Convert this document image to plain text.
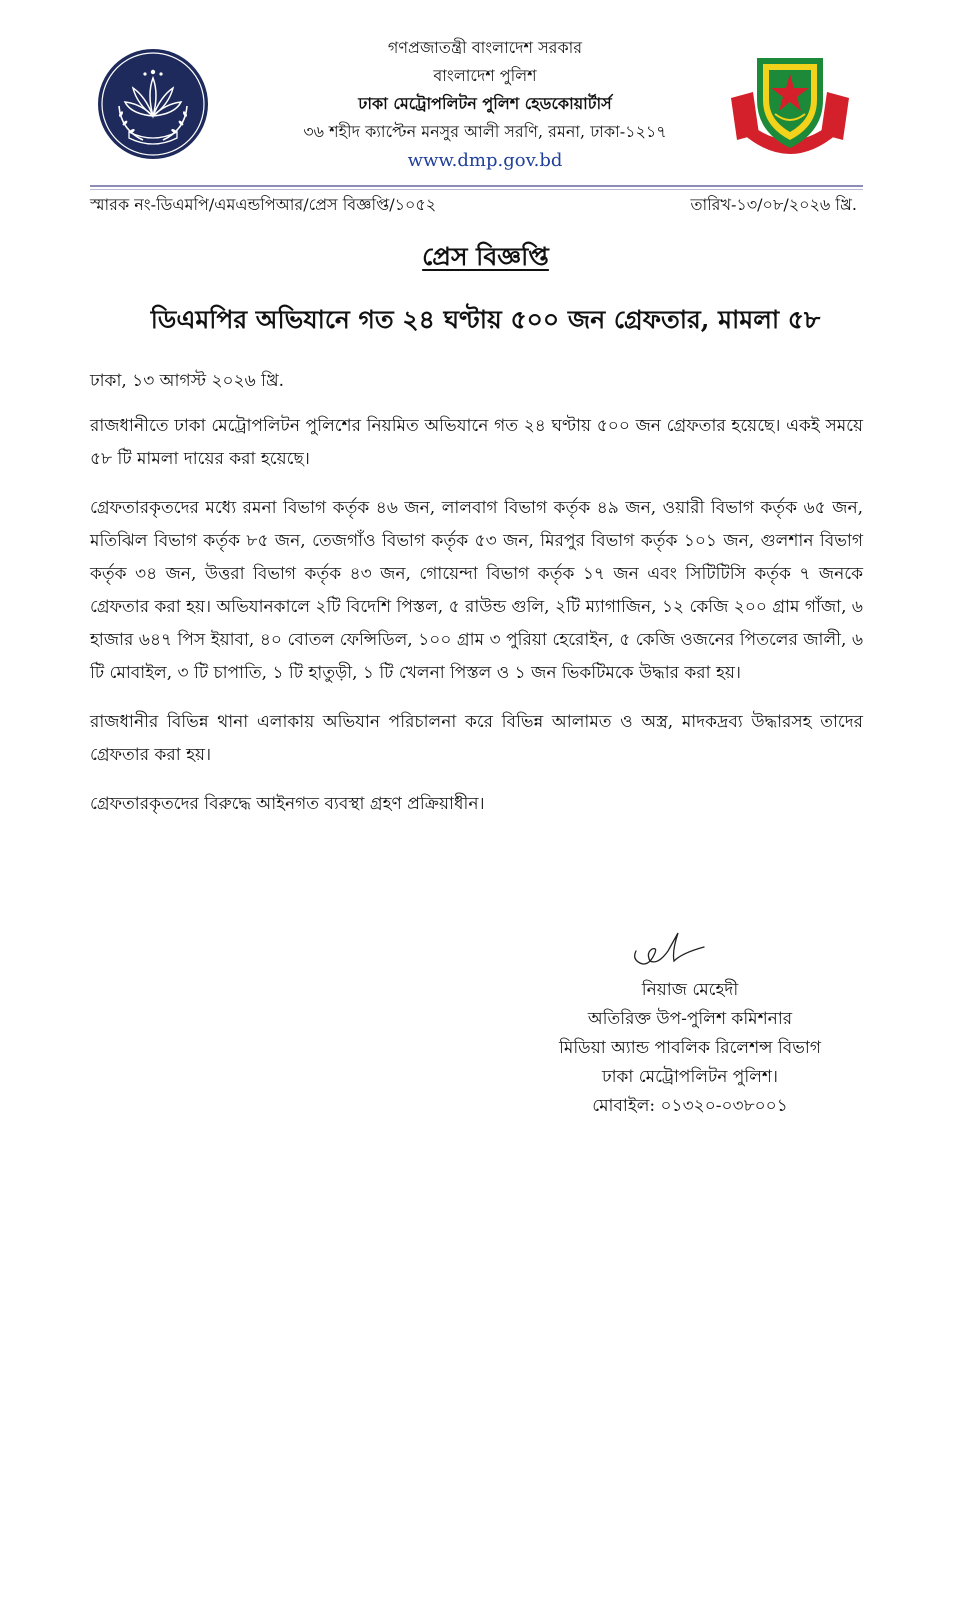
গণপ্রজাতন্ত্রী বাংলাদেশ সরকার
বাংলাদেশ পুলিশ
ঢাকা মেট্রোপলিটন পুলিশ হেডকোয়ার্টার্স
৩৬ শহীদ ক্যাপ্টেন মনসুর আলী সরণি, রমনা, ঢাকা-১২১৭
www.dmp.gov.bd
স্মারক নং-ডিএমপি/এমএন্ডপিআর/প্রেস বিজ্ঞপ্তি/১০৫২	তারিখ-১৩/০৮/২০২৬ খ্রি.
প্রেস বিজ্ঞপ্তি
ডিএমপির অভিযানে গত ২৪ ঘণ্টায় ৫০০ জন গ্রেফতার, মামলা ৫৮

ঢাকা, ১৩ আগস্ট ২০২৬ খ্রি.

রাজধানীতে ঢাকা মেট্রোপলিটন পুলিশের নিয়মিত অভিযানে গত ২৪ ঘণ্টায় ৫০০ জন গ্রেফতার হয়েছে। একই সময়ে ৫৮ টি মামলা দায়ের করা হয়েছে।

গ্রেফতারকৃতদের মধ্যে রমনা বিভাগ কর্তৃক ৪৬ জন, লালবাগ বিভাগ কর্তৃক ৪৯ জন, ওয়ারী বিভাগ কর্তৃক ৬৫ জন, মতিঝিল বিভাগ কর্তৃক ৮৫ জন, তেজগাঁও বিভাগ কর্তৃক ৫৩ জন, মিরপুর বিভাগ কর্তৃক ১০১ জন, গুলশান বিভাগ কর্তৃক ৩৪ জন, উত্তরা বিভাগ কর্তৃক ৪৩ জন, গোয়েন্দা বিভাগ কর্তৃক ১৭ জন এবং সিটিটিসি কর্তৃক ৭ জনকে গ্রেফতার করা হয়। অভিযানকালে ২টি বিদেশি পিস্তল, ৫ রাউন্ড গুলি, ২টি ম্যাগাজিন, ১২ কেজি ২০০ গ্রাম গাঁজা, ৬ হাজার ৬৪৭ পিস ইয়াবা, ৪০ বোতল ফেন্সিডিল, ১০০ গ্রাম ৩ পুরিয়া হেরোইন, ৫ কেজি ওজনের পিতলের জালী, ৬ টি মোবাইল, ৩ টি চাপাতি, ১ টি হাতুড়ী, ১ টি খেলনা পিস্তল ও ১ জন ভিকটিমকে উদ্ধার করা হয়।

রাজধানীর বিভিন্ন থানা এলাকায় অভিযান পরিচালনা করে বিভিন্ন আলামত ও অস্ত্র, মাদকদ্রব্য উদ্ধারসহ তাদের গ্রেফতার করা হয়।

গ্রেফতারকৃতদের বিরুদ্ধে আইনগত ব্যবস্থা গ্রহণ প্রক্রিয়াধীন।

নিয়াজ মেহেদী
অতিরিক্ত উপ-পুলিশ কমিশনার
মিডিয়া অ্যান্ড পাবলিক রিলেশন্স বিভাগ
ঢাকা মেট্রোপলিটন পুলিশ।
মোবাইল: ০১৩২০-০৩৮০০১
